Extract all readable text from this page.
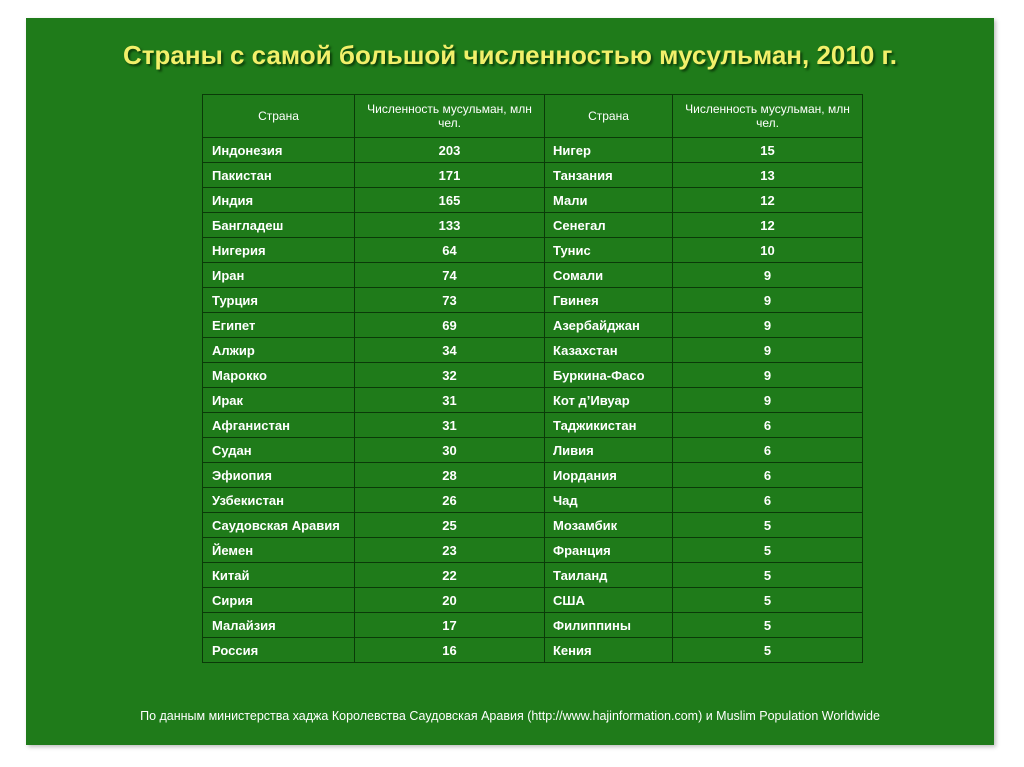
Страны с самой большой численностью мусульман, 2010 г.
Страна	Численность мусульман, млн чел.	Страна	Численность мусульман, млн чел.
Индонезия	203	Нигер	15
Пакистан	171	Танзания	13
Индия	165	Мали	12
Бангладеш	133	Сенегал	12
Нигерия	64	Тунис	10
Иран	74	Сомали	9
Турция	73	Гвинея	9
Египет	69	Азербайджан	9
Алжир	34	Казахстан	9
Марокко	32	Буркина-Фасо	9
Ирак	31	Кот д’Ивуар	9
Афганистан	31	Таджикистан	6
Судан	30	Ливия	6
Эфиопия	28	Иордания	6
Узбекистан	26	Чад	6
Саудовская Аравия	25	Мозамбик	5
Йемен	23	Франция	5
Китай	22	Таиланд	5
Сирия	20	США	5
Малайзия	17	Филиппины	5
Россия	16	Кения	5
По данным министерства хаджа Королевства Саудовская Аравия (http://www.hajinformation.com) и Muslim Population Worldwide
